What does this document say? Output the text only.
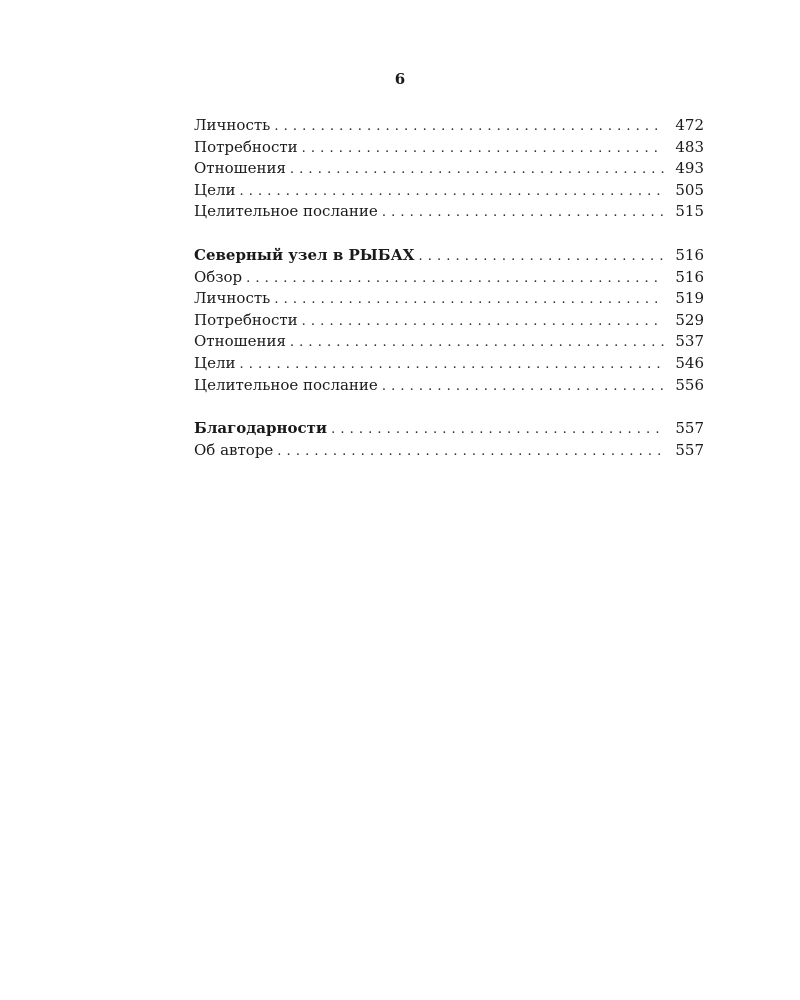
6
Личность . . .	472
Потребности . . .	483
Отношения . . .	493
Цели . . .	505
Целительное послание . . .	515
Северный узел в РЫБАХ . . .	516
Обзор . . .	516
Личность . . .	519
Потребности . . .	529
Отношения . . .	537
Цели . . .	546
Целительное послание . . .	556
Благодарности . . .	557
Об авторе . . .	557
